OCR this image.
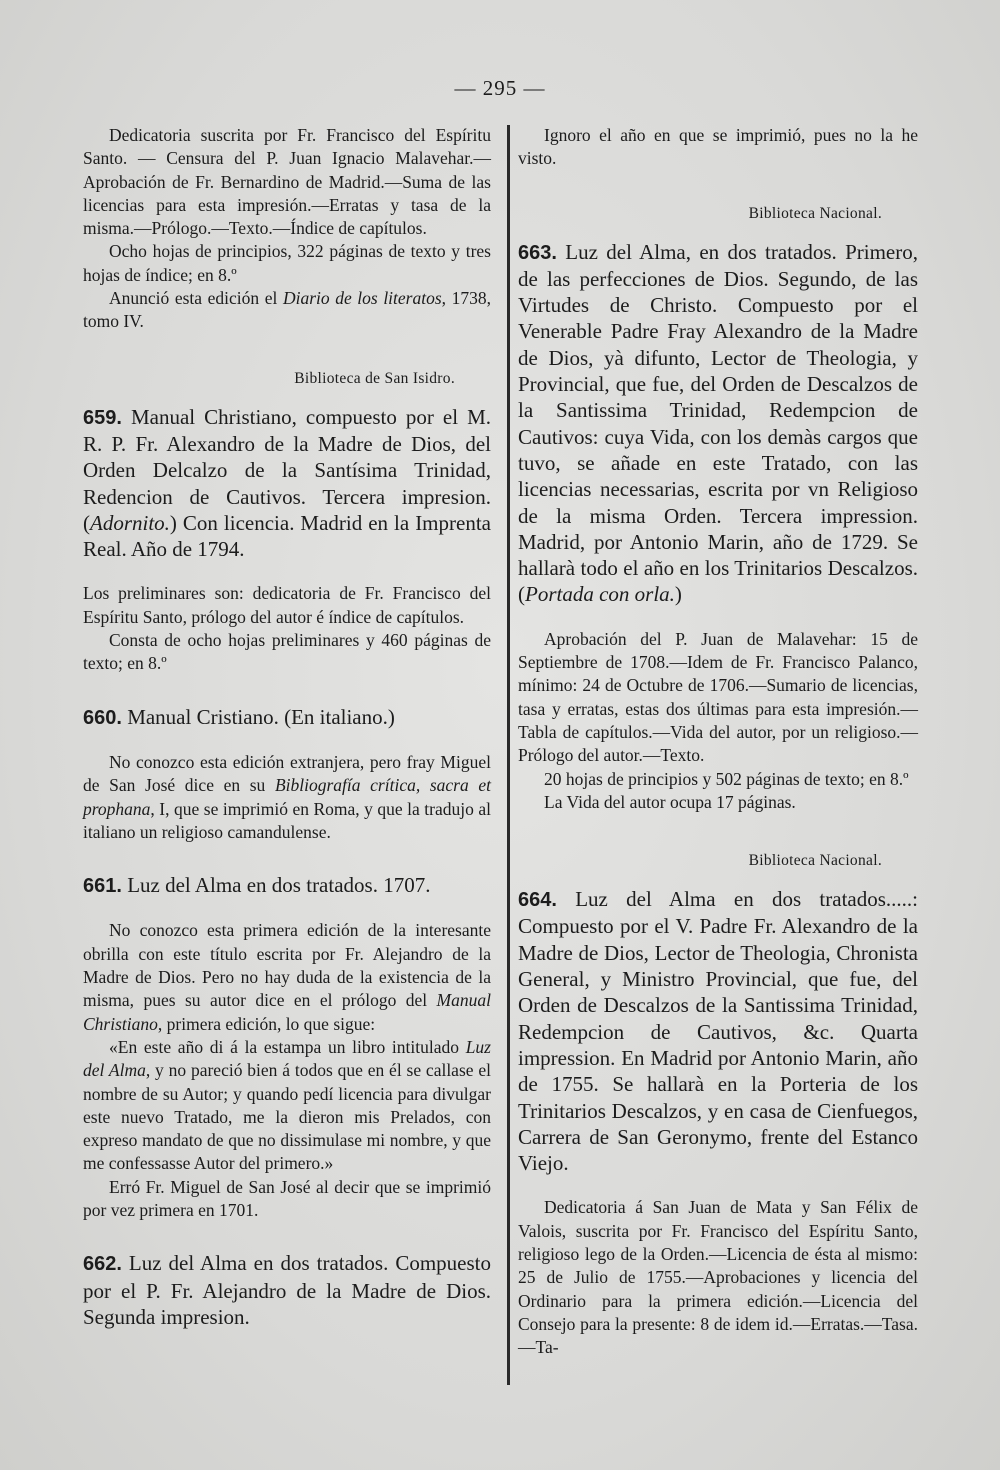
— 295 —

Dedicatoria suscrita por Fr. Francisco del Espíritu Santo. — Censura del P. Juan Ignacio Malavehar.—Aprobación de Fr. Bernardino de Madrid.—Suma de las licencias para esta impresión.—Erratas y tasa de la misma.—Prólogo.—Texto.—Índice de capítulos.

Ocho hojas de principios, 322 páginas de texto y tres hojas de índice; en 8.º

Anunció esta edición el Diario de los literatos, 1738, tomo IV.

Biblioteca de San Isidro.

659. Manual Christiano, compuesto por el M. R. P. Fr. Alexandro de la Madre de Dios, del Orden Delcalzo de la Santísima Trinidad, Redencion de Cautivos. Tercera impresion. (Adornito.) Con licencia. Madrid en la Imprenta Real. Año de 1794.

Los preliminares son: dedicatoria de Fr. Francisco del Espíritu Santo, prólogo del autor é índice de capítulos.

Consta de ocho hojas preliminares y 460 páginas de texto; en 8.º

660. Manual Cristiano. (En italiano.)

No conozco esta edición extranjera, pero fray Miguel de San José dice en su Bibliografía crítica, sacra et prophana, I, que se imprimió en Roma, y que la tradujo al italiano un religioso camandulense.

661. Luz del Alma en dos tratados. 1707.

No conozco esta primera edición de la interesante obrilla con este título escrita por Fr. Alejandro de la Madre de Dios. Pero no hay duda de la existencia de la misma, pues su autor dice en el prólogo del Manual Christiano, primera edición, lo que sigue:

«En este año di á la estampa un libro intitulado Luz del Alma, y no pareció bien á todos que en él se callase el nombre de su Autor; y quando pedí licencia para divulgar este nuevo Tratado, me la dieron mis Prelados, con expreso mandato de que no dissimulase mi nombre, y que me confessasse Autor del primero.»

Erró Fr. Miguel de San José al decir que se imprimió por vez primera en 1701.

662. Luz del Alma en dos tratados. Compuesto por el P. Fr. Alejandro de la Madre de Dios. Segunda impresion.

Ignoro el año en que se imprimió, pues no la he visto.

Biblioteca Nacional.

663. Luz del Alma, en dos tratados. Primero, de las perfecciones de Dios. Segundo, de las Virtudes de Christo. Compuesto por el Venerable Padre Fray Alexandro de la Madre de Dios, yà difunto, Lector de Theologia, y Provincial, que fue, del Orden de Descalzos de la Santissima Trinidad, Redempcion de Cautivos: cuya Vida, con los demàs cargos que tuvo, se añade en este Tratado, con las licencias necessarias, escrita por vn Religioso de la misma Orden. Tercera impression. Madrid, por Antonio Marin, año de 1729. Se hallarà todo el año en los Trinitarios Descalzos. (Portada con orla.)

Aprobación del P. Juan de Malavehar: 15 de Septiembre de 1708.—Idem de Fr. Francisco Palanco, mínimo: 24 de Octubre de 1706.—Sumario de licencias, tasa y erratas, estas dos últimas para esta impresión.—Tabla de capítulos.—Vida del autor, por un religioso.—Prólogo del autor.—Texto.

20 hojas de principios y 502 páginas de texto; en 8.º

La Vida del autor ocupa 17 páginas.

Biblioteca Nacional.

664. Luz del Alma en dos tratados.....: Compuesto por el V. Padre Fr. Alexandro de la Madre de Dios, Lector de Theologia, Chronista General, y Ministro Provincial, que fue, del Orden de Descalzos de la Santissima Trinidad, Redempcion de Cautivos, &c. Quarta impression. En Madrid por Antonio Marin, año de 1755. Se hallarà en la Porteria de los Trinitarios Descalzos, y en casa de Cienfuegos, Carrera de San Geronymo, frente del Estanco Viejo.

Dedicatoria á San Juan de Mata y San Félix de Valois, suscrita por Fr. Francisco del Espíritu Santo, religioso lego de la Orden.—Licencia de ésta al mismo: 25 de Julio de 1755.—Aprobaciones y licencia del Ordinario para la primera edición.—Licencia del Consejo para la presente: 8 de idem id.—Erratas.—Tasa.—Ta-
